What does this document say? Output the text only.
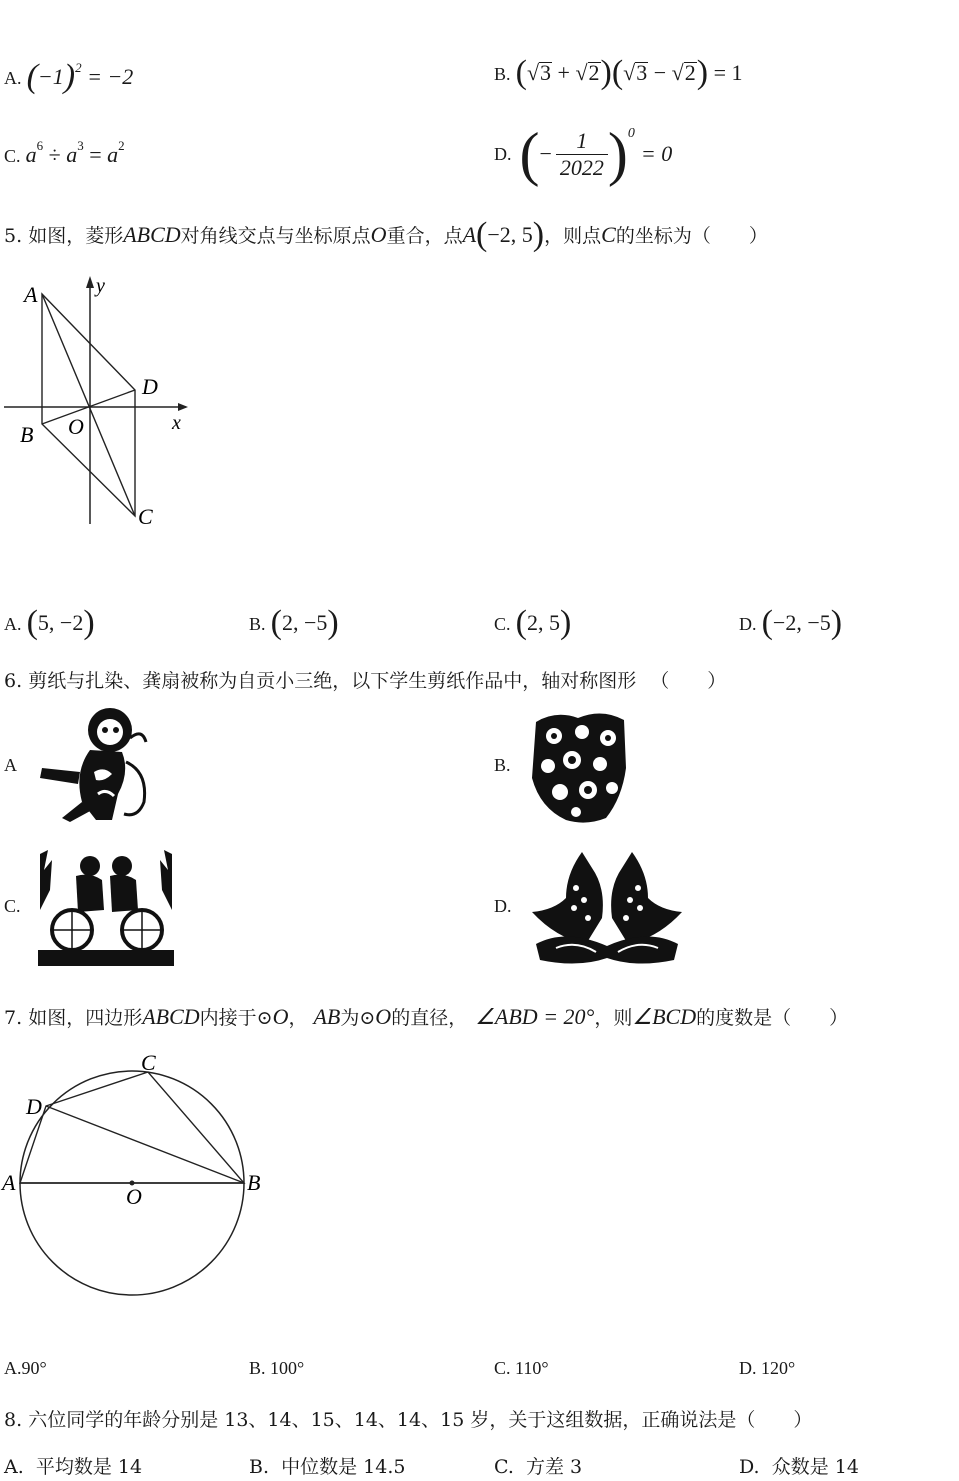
A. $(-1)^2 = -2$	B. (√3 + √2)(√3 − √2) = 1
C. $a^6 \div a^3 = a^2$	D. ( − $\frac{1}{2022}$ ) 0
= 0
5. 如图，菱形ABCD对角线交点与坐标原点O重合，点A(−2, 5)，则点C的坐标为（　　）
A
B
C
D
O	x
y
A. (5, −2)	B. (2, −5)	C. (2, 5)	D. (−2, −5)
6. 剪纸与扎染、龚扇被称为自贡小三绝，以下学生剪纸作品中，轴对称图形 （　　）
A	B.
C.	D.
7. 如图，四边形ABCD内接于⊙O， AB为⊙O的直径， ∠ABD = 20°，则∠BCD的度数是（　　）
A	B
C
D
O
A.90°	B. 100°	C. 110°	D. 120°
8. 六位同学的年龄分别是 13、14、15、14、14、15 岁，关于这组数据，正确说法是（　　）
A. 平均数是 14	B. 中位数是 14.5	C. 方差 3	D. 众数是 14
